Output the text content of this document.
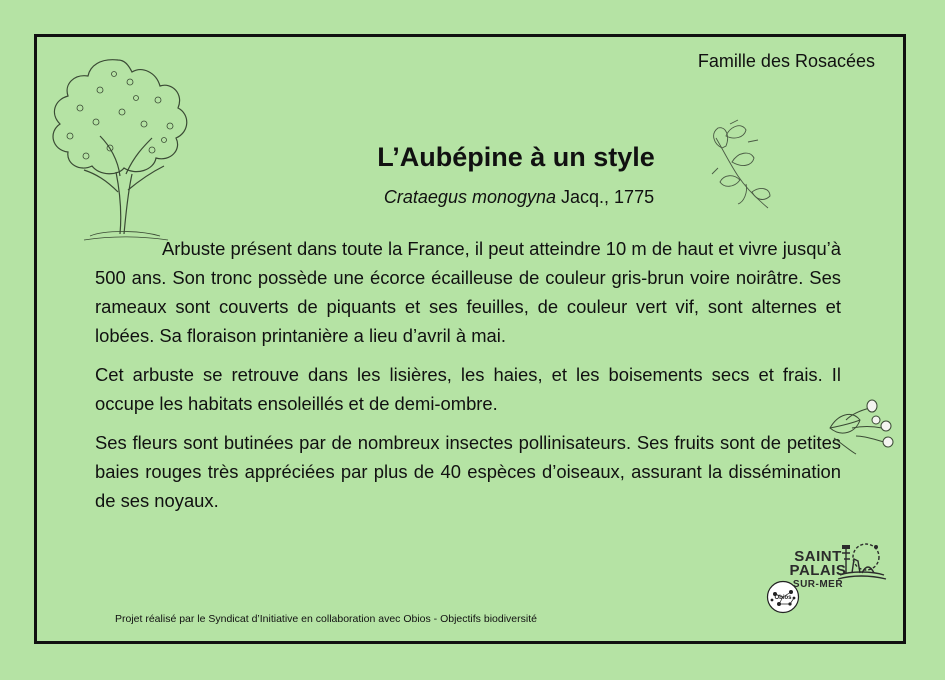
Famille des Rosacées
L’Aubépine à un style
Crataegus monogyna Jacq., 1775

Arbuste présent dans toute la France, il peut atteindre 10 m de haut et vivre jusqu’à 500 ans. Son tronc possède une écorce écailleuse de couleur gris-brun voire noirâtre. Ses rameaux sont couverts de piquants et ses feuilles, de couleur vert vif, sont alternes et lobées. Sa floraison printanière a lieu d’avril à mai.

Cet arbuste se retrouve dans les lisières, les haies, et les boisements secs et frais. Il occupe les habitats ensoleillés et de demi-ombre.

Ses fleurs sont butinées par de nombreux insectes pollinisateurs. Ses fruits sont de petites baies rouges très appréciées par plus de 40 espèces d’oiseaux, assurant la dissémination de ses noyaux.

Projet réalisé par le Syndicat d’Initiative en collaboration avec Obios - Objectifs biodiversité
Obios
SAINT
PALAIS
SUR-MER
